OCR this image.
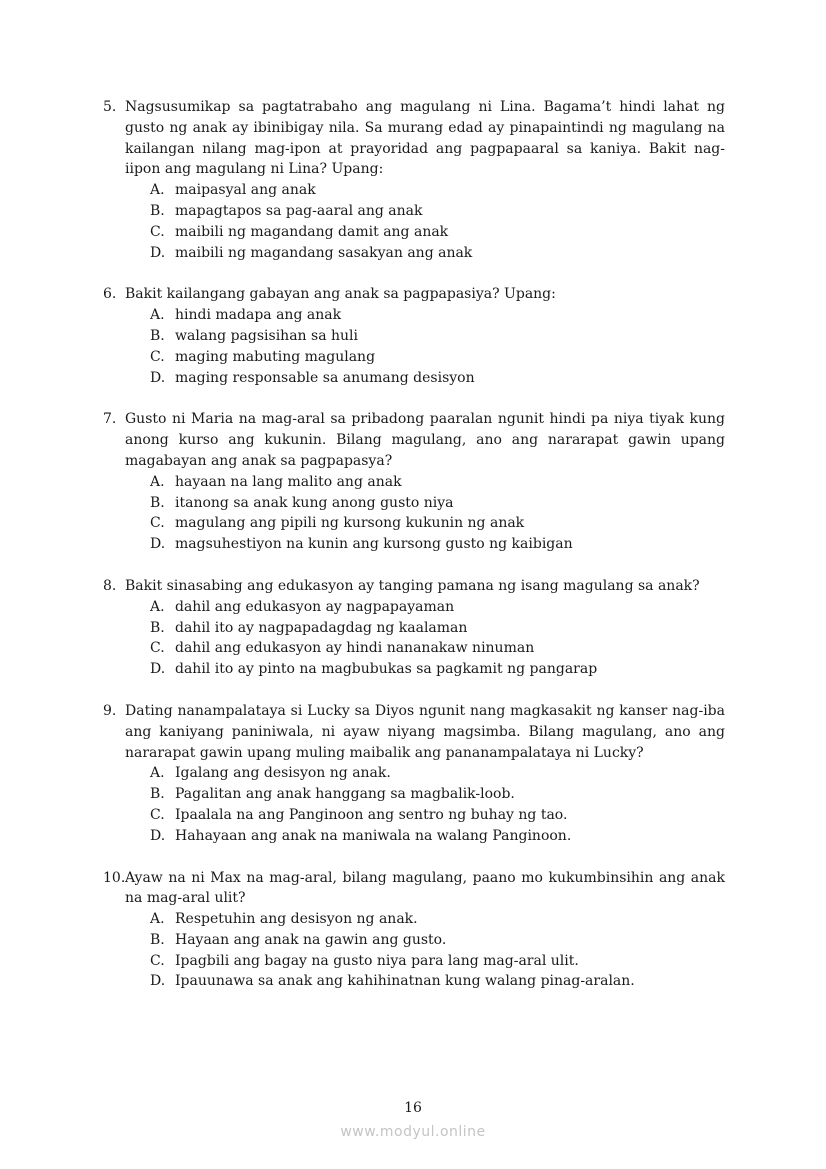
5. Nagsusumikap sa pagtatrabaho ang magulang ni Lina. Bagama’t hindi lahat ng gusto ng anak ay ibinibigay nila. Sa murang edad ay pinapaintindi ng magulang na kailangan nilang mag-ipon at prayoridad ang pagpapaaral sa kaniya. Bakit nag-iipon ang magulang ni Lina? Upang:
A. maipasyal ang anak
B. mapagtapos sa pag-aaral ang anak
C. maibili ng magandang damit ang anak
D. maibili ng magandang sasakyan ang anak
6. Bakit kailangang gabayan ang anak sa pagpapasiya? Upang:
A. hindi madapa ang anak
B. walang pagsisihan sa huli
C. maging mabuting magulang
D. maging responsable sa anumang desisyon
7. Gusto ni Maria na mag-aral sa pribadong paaralan ngunit hindi pa niya tiyak kung anong kurso ang kukunin. Bilang magulang, ano ang nararapat gawin upang magabayan ang anak sa pagpapasya?
A. hayaan na lang malito ang anak
B. itanong sa anak kung anong gusto niya
C. magulang ang pipili ng kursong kukunin ng anak
D. magsuhestiyon na kunin ang kursong gusto ng kaibigan
8. Bakit sinasabing ang edukasyon ay tanging pamana ng isang magulang sa anak?
A. dahil ang edukasyon ay nagpapayaman
B. dahil ito ay nagpapadagdag ng kaalaman
C. dahil ang edukasyon ay hindi nananakaw ninuman
D. dahil ito ay pinto na magbubukas sa pagkamit ng pangarap
9. Dating nanampalataya si Lucky sa Diyos ngunit nang magkasakit ng kanser nag-iba ang kaniyang paniniwala, ni ayaw niyang magsimba. Bilang magulang, ano ang nararapat gawin upang muling maibalik ang pananampalataya ni Lucky?
A. Igalang ang desisyon ng anak.
B. Pagalitan ang anak hanggang sa magbalik-loob.
C. Ipaalala na ang Panginoon ang sentro ng buhay ng tao.
D. Hahayaan ang anak na maniwala na walang Panginoon.
10. Ayaw na ni Max na mag-aral, bilang magulang, paano mo kukumbinsihin ang anak na mag-aral ulit?
A. Respetuhin ang desisyon ng anak.
B. Hayaan ang anak na gawin ang gusto.
C. Ipagbili ang bagay na gusto niya para lang mag-aral ulit.
D. Ipauunawa sa anak ang kahihinatnan kung walang pinag-aralan.
16
www.modyul.online
